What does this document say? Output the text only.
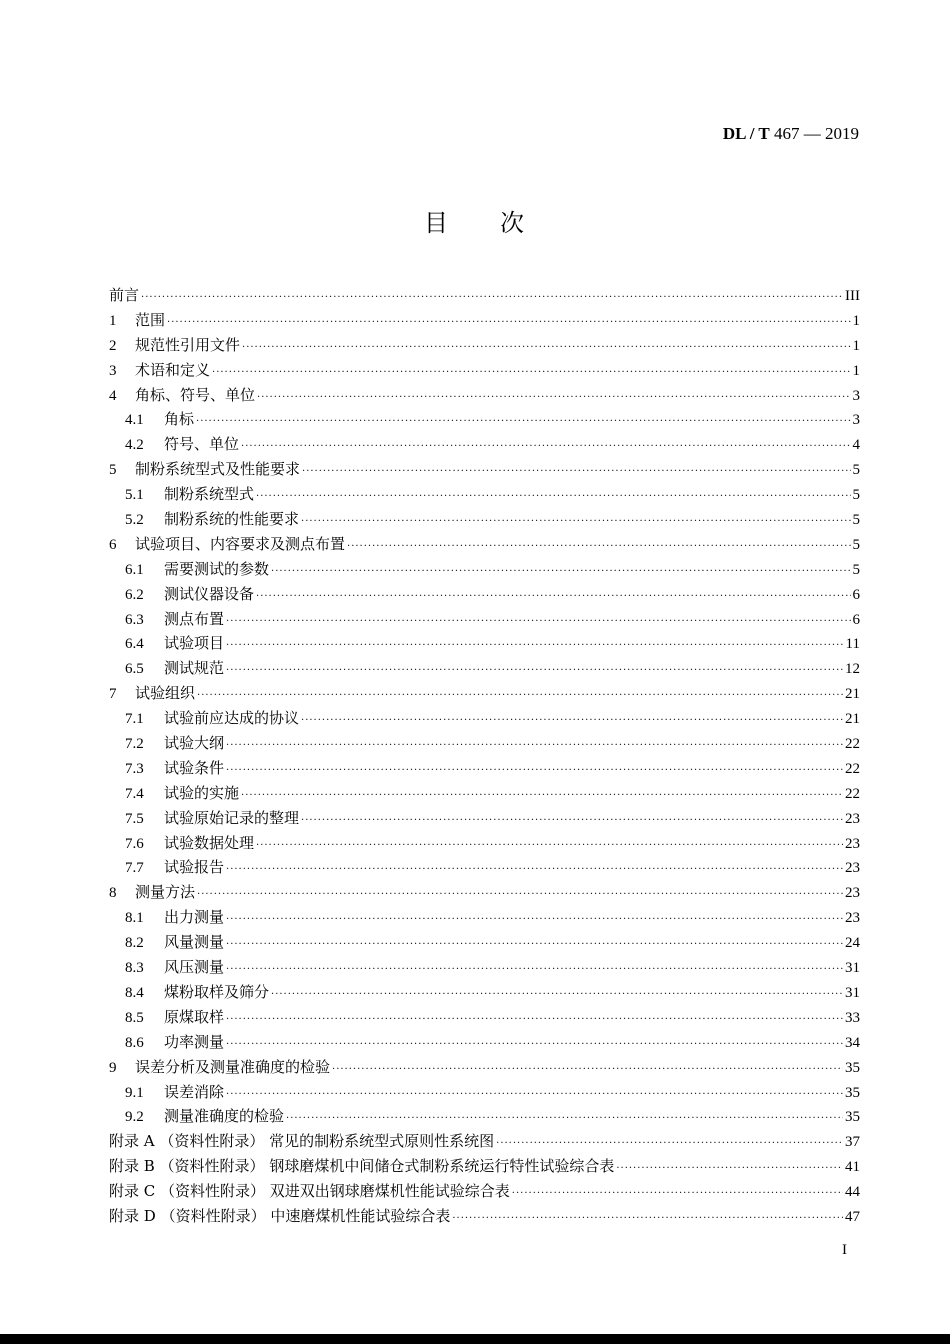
DL / T 467 — 2019
目 次
前言 ·····	III
1	范围 ·····	1
2	规范性引用文件 ·····	1
3	术语和定义 ·····	1
4	角标、符号、单位 ·····	3
4.1	角标 ·····	3
4.2	符号、单位 ·····	4
5	制粉系统型式及性能要求 ·····	5
5.1	制粉系统型式 ·····	5
5.2	制粉系统的性能要求 ·····	5
6	试验项目、内容要求及测点布置 ·····	5
6.1	需要测试的参数 ·····	5
6.2	测试仪器设备 ·····	6
6.3	测点布置 ·····	6
6.4	试验项目 ·····	11
6.5	测试规范 ·····	12
7	试验组织 ·····	21
7.1	试验前应达成的协议 ·····	21
7.2	试验大纲 ·····	22
7.3	试验条件 ·····	22
7.4	试验的实施 ·····	22
7.5	试验原始记录的整理 ·····	23
7.6	试验数据处理 ·····	23
7.7	试验报告 ·····	23
8	测量方法 ·····	23
8.1	出力测量 ·····	23
8.2	风量测量 ·····	24
8.3	风压测量 ·····	31
8.4	煤粉取样及筛分 ·····	31
8.5	原煤取样 ·····	33
8.6	功率测量 ·····	34
9	误差分析及测量准确度的检验 ·····	35
9.1	误差消除 ·····	35
9.2	测量准确度的检验 ·····	35
附录 A （资料性附录） 常见的制粉系统型式原则性系统图 ·····	37
附录 B （资料性附录） 钢球磨煤机中间储仓式制粉系统运行特性试验综合表 ·····	41
附录 C （资料性附录） 双进双出钢球磨煤机性能试验综合表 ·····	44
附录 D （资料性附录） 中速磨煤机性能试验综合表 ·····	47
I
